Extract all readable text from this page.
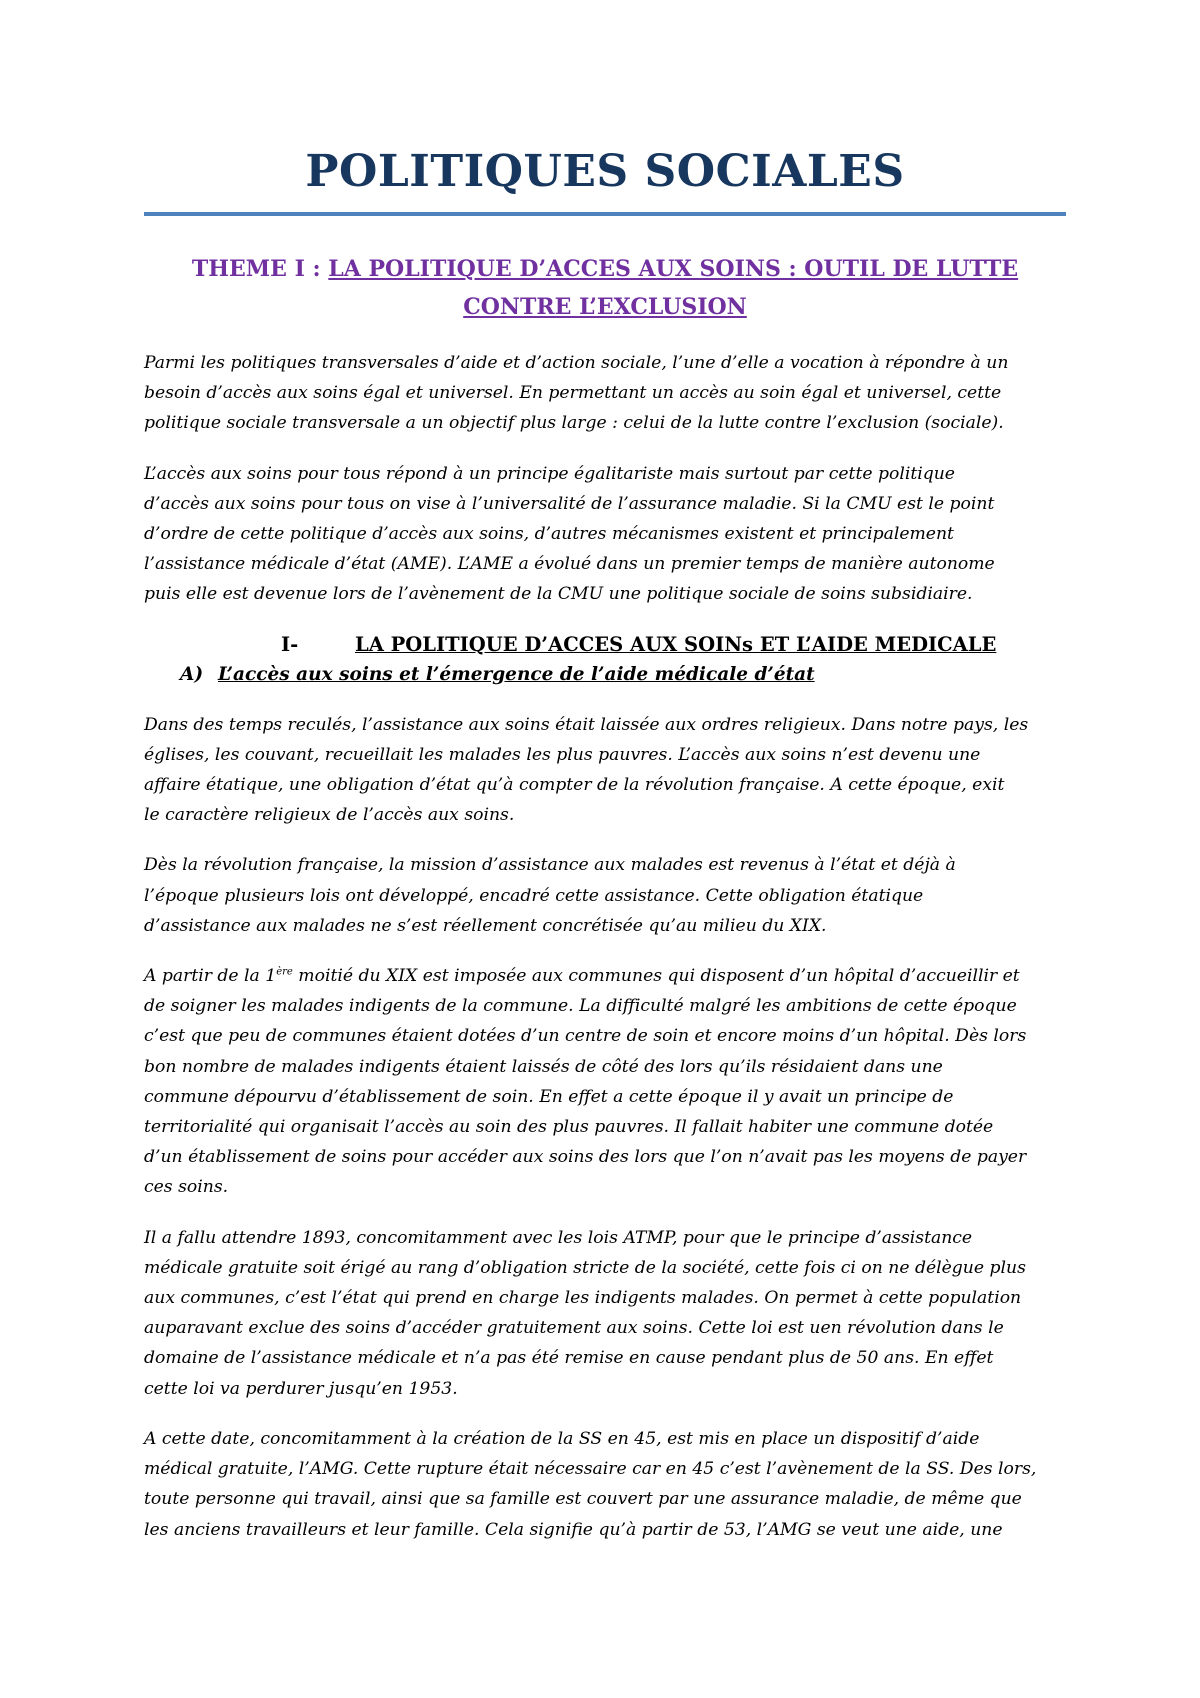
POLITIQUES SOCIALES
THEME I : LA POLITIQUE D’ACCES AUX SOINS : OUTIL DE LUTTE
CONTRE L’EXCLUSION

Parmi les politiques transversales d’aide et d’action sociale, l’une d’elle a vocation à répondre à un

besoin d’accès aux soins égal et universel. En permettant un accès au soin égal et universel, cette

politique sociale transversale a un objectif plus large : celui de la lutte contre l’exclusion (sociale).

L’accès aux soins pour tous répond à un principe égalitariste mais surtout par cette politique

d’accès aux soins pour tous on vise à l’universalité de l’assurance maladie. Si la CMU est le point

d’ordre de cette politique d’accès aux soins, d’autres mécanismes existent et principalement

l’assistance médicale d’état (AME). L’AME a évolué dans un premier temps de manière autonome

puis elle est devenue lors de l’avènement de la CMU une politique sociale de soins subsidiaire.

I-	LA POLITIQUE D’ACCES AUX SOINs ET L’AIDE MEDICALE
A) L’accès aux soins et l’émergence de l’aide médicale d’état

Dans des temps reculés, l’assistance aux soins était laissée aux ordres religieux. Dans notre pays, les

églises, les couvant, recueillait les malades les plus pauvres. L’accès aux soins n’est devenu une

affaire étatique, une obligation d’état qu’à compter de la révolution française. A cette époque, exit

le caractère religieux de l’accès aux soins.

Dès la révolution française, la mission d’assistance aux malades est revenus à l’état et déjà à

l’époque plusieurs lois ont développé, encadré cette assistance. Cette obligation étatique

d’assistance aux malades ne s’est réellement concrétisée qu’au milieu du XIX.

A partir de la 1ère moitié du XIX est imposée aux communes qui disposent d’un hôpital d’accueillir et

de soigner les malades indigents de la commune. La difficulté malgré les ambitions de cette époque

c’est que peu de communes étaient dotées d’un centre de soin et encore moins d’un hôpital. Dès lors

bon nombre de malades indigents étaient laissés de côté des lors qu’ils résidaient dans une

commune dépourvu d’établissement de soin. En effet a cette époque il y avait un principe de

territorialité qui organisait l’accès au soin des plus pauvres. Il fallait habiter une commune dotée

d’un établissement de soins pour accéder aux soins des lors que l’on n’avait pas les moyens de payer

ces soins.

Il a fallu attendre 1893, concomitamment avec les lois ATMP, pour que le principe d’assistance

médicale gratuite soit érigé au rang d’obligation stricte de la société, cette fois ci on ne délègue plus

aux communes, c’est l’état qui prend en charge les indigents malades. On permet à cette population

auparavant exclue des soins d’accéder gratuitement aux soins. Cette loi est uen révolution dans le

domaine de l’assistance médicale et n’a pas été remise en cause pendant plus de 50 ans. En effet

cette loi va perdurer jusqu’en 1953.

A cette date, concomitamment à la création de la SS en 45, est mis en place un dispositif d’aide

médical gratuite, l’AMG. Cette rupture était nécessaire car en 45 c’est l’avènement de la SS. Des lors,

toute personne qui travail, ainsi que sa famille est couvert par une assurance maladie, de même que

les anciens travailleurs et leur famille. Cela signifie qu’à partir de 53, l’AMG se veut une aide, une
